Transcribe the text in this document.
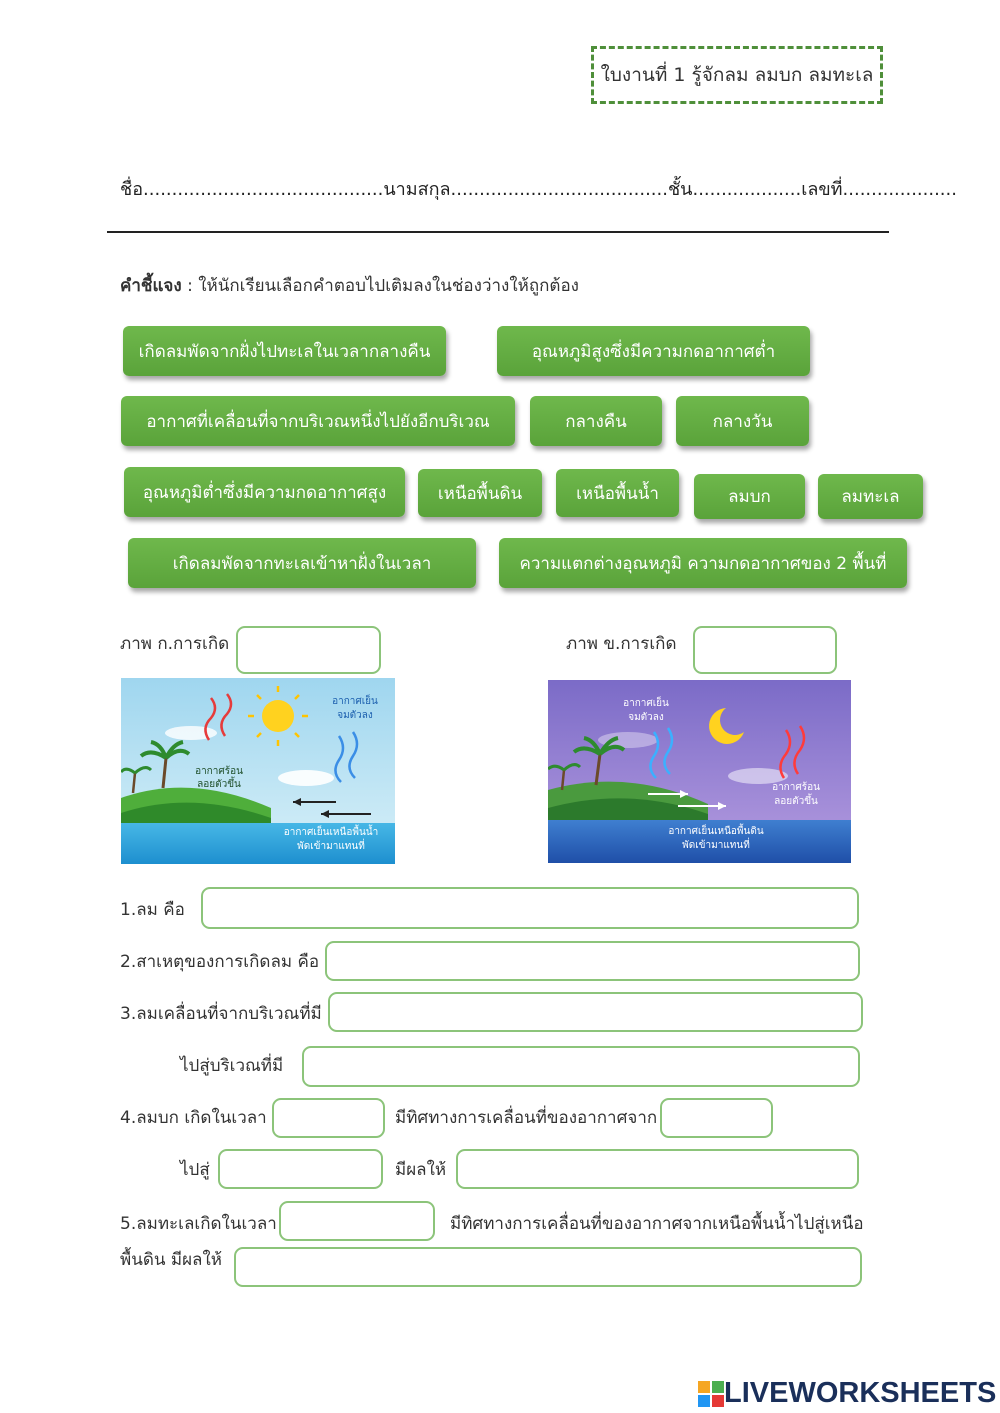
ใบงานที่ 1 รู้จักลม ลมบก ลมทะเล
ชื่อ..........................................นามสกุล......................................ชั้น...................เลขที่....................
คำชี้แจง : ให้นักเรียนเลือกคำตอบไปเติมลงในช่องว่างให้ถูกต้อง
เกิดลมพัดจากฝั่งไปทะเลในเวลากลางคืน	อุณหภูมิสูงซึ่งมีความกดอากาศต่ำ
อากาศที่เคลื่อนที่จากบริเวณหนึ่งไปยังอีกบริเวณ	กลางคืน	กลางวัน
อุณหภูมิต่ำซึ่งมีความกดอากาศสูง	เหนือพื้นดิน	เหนือพื้นน้ำ	ลมบก	ลมทะเล
เกิดลมพัดจากทะเลเข้าหาฝั่งในเวลา	ความแตกต่างอุณหภูมิ ความกดอากาศของ 2 พื้นที่
ภาพ ก.การเกิด	ภาพ ข.การเกิด
อากาศเย็น
จมตัวลง
อากาศร้อน
ลอยตัวขึ้น
อากาศเย็นเหนือพื้นน้ำ
พัดเข้ามาแทนที่
อากาศเย็น
จมตัวลง
อากาศร้อน
ลอยตัวขึ้น
อากาศเย็นเหนือพื้นดิน
พัดเข้ามาแทนที่
1.ลม คือ
2.สาเหตุของการเกิดลม คือ
3.ลมเคลื่อนที่จากบริเวณที่มี
ไปสู่บริเวณที่มี
4.ลมบก เกิดในเวลา	มีทิศทางการเคลื่อนที่ของอากาศจาก
ไปสู่	มีผลให้
5.ลมทะเลเกิดในเวลา	มีทิศทางการเคลื่อนที่ของอากาศจากเหนือพื้นน้ำไปสู่เหนือ
พื้นดิน มีผลให้
LIVEWORKSHEETS
